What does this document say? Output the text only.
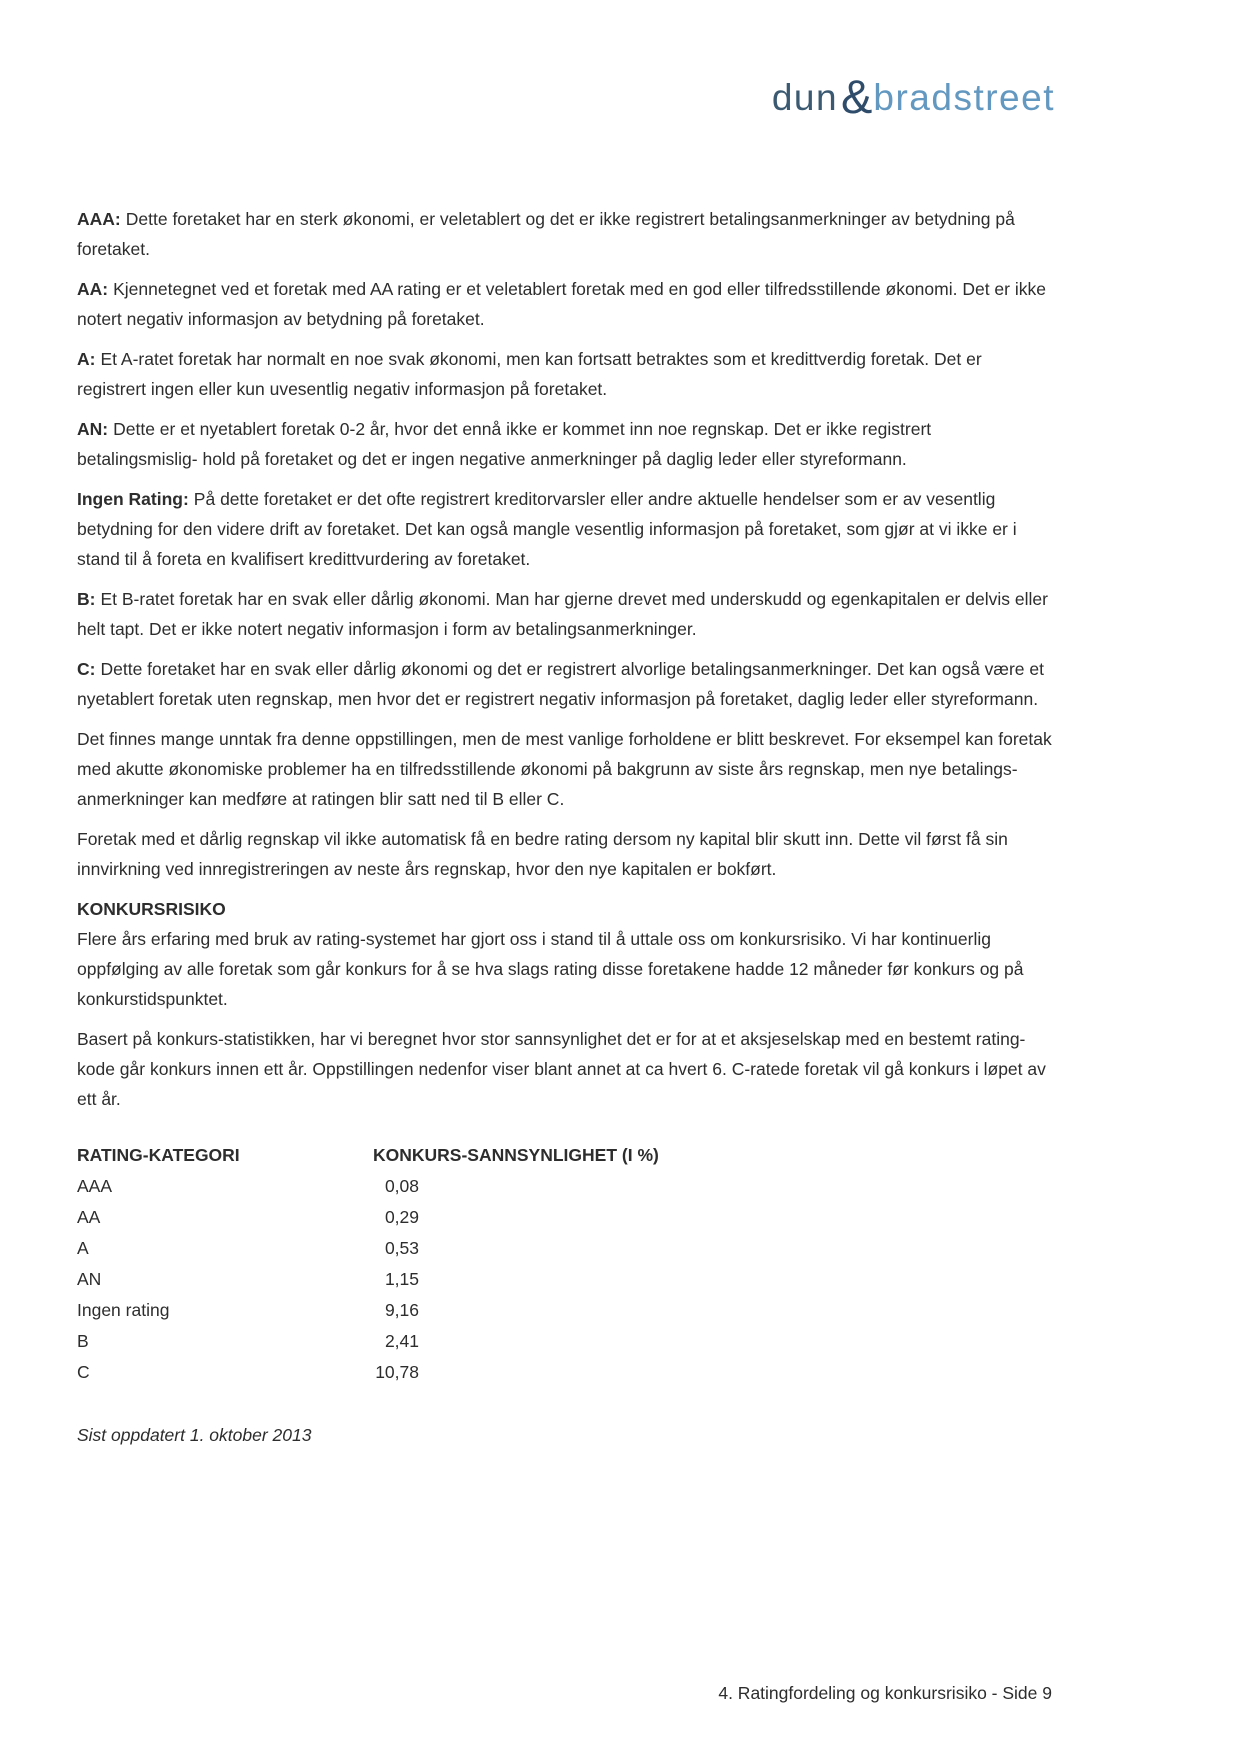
dun & bradstreet

AAA: Dette foretaket har en sterk økonomi, er veletablert og det er ikke registrert betalingsanmerkninger av betydning på foretaket.

AA: Kjennetegnet ved et foretak med AA rating er et veletablert foretak med en god eller tilfredsstillende økonomi. Det er ikke notert negativ informasjon av betydning på foretaket.

A: Et A-ratet foretak har normalt en noe svak økonomi, men kan fortsatt betraktes som et kredittverdig foretak. Det er registrert ingen eller kun uvesentlig negativ informasjon på foretaket.

AN: Dette er et nyetablert foretak 0-2 år, hvor det ennå ikke er kommet inn noe regnskap. Det er ikke registrert betalingsmislig- hold på foretaket og det er ingen negative anmerkninger på daglig leder eller styreformann.

Ingen Rating: På dette foretaket er det ofte registrert kreditorvarsler eller andre aktuelle hendelser som er av vesentlig betydning for den videre drift av foretaket. Det kan også mangle vesentlig informasjon på foretaket, som gjør at vi ikke er i stand til å foreta en kvalifisert kredittvurdering av foretaket.

B: Et B-ratet foretak har en svak eller dårlig økonomi. Man har gjerne drevet med underskudd og egenkapitalen er delvis eller helt tapt. Det er ikke notert negativ informasjon i form av betalingsanmerkninger.

C: Dette foretaket har en svak eller dårlig økonomi og det er registrert alvorlige betalingsanmerkninger. Det kan også være et nyetablert foretak uten regnskap, men hvor det er registrert negativ informasjon på foretaket, daglig leder eller styreformann.

Det finnes mange unntak fra denne oppstillingen, men de mest vanlige forholdene er blitt beskrevet. For eksempel kan foretak med akutte økonomiske problemer ha en tilfredsstillende økonomi på bakgrunn av siste års regnskap, men nye betalings- anmerkninger kan medføre at ratingen blir satt ned til B eller C.

Foretak med et dårlig regnskap vil ikke automatisk få en bedre rating dersom ny kapital blir skutt inn. Dette vil først få sin innvirkning ved innregistreringen av neste års regnskap, hvor den nye kapitalen er bokført.

KONKURSRISIKO

Flere års erfaring med bruk av rating-systemet har gjort oss i stand til å uttale oss om konkursrisiko. Vi har kontinuerlig oppfølging av alle foretak som går konkurs for å se hva slags rating disse foretakene hadde 12 måneder før konkurs og på konkurstidspunktet.

Basert på konkurs-statistikken, har vi beregnet hvor stor sannsynlighet det er for at et aksjeselskap med en bestemt rating-kode går konkurs innen ett år. Oppstillingen nedenfor viser blant annet at ca hvert 6. C-ratede foretak vil gå konkurs i løpet av ett år.

RATING-KATEGORI	KONKURS-SANNSYNLIGHET (I %)
AAA	0,08
AA	0,29
A	0,53
AN	1,15
Ingen rating	9,16
B	2,41
C	10,78

Sist oppdatert 1. oktober 2013

4. Ratingfordeling og konkursrisiko - Side 9
